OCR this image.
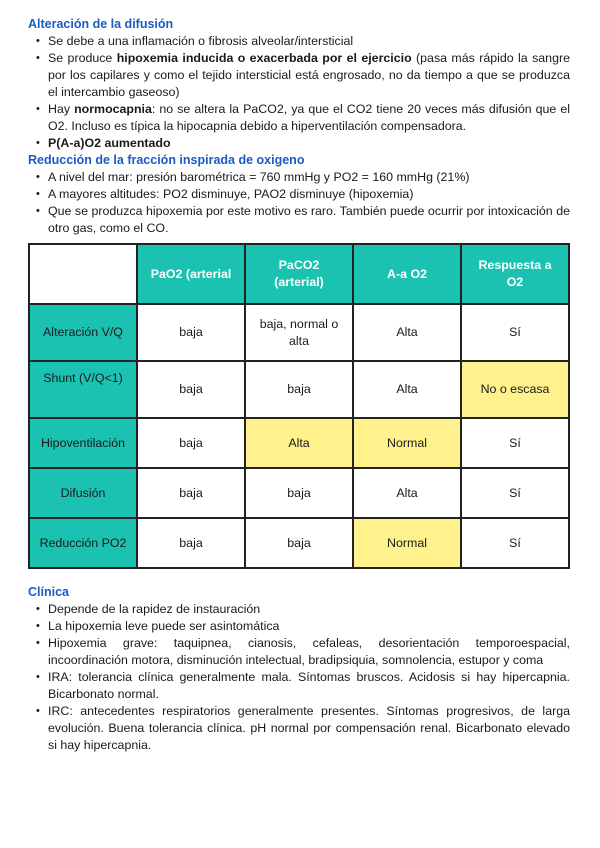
Alteración de la difusión
• Se debe a una inflamación o fibrosis alveolar/intersticial
• Se produce hipoxemia inducida o exacerbada por el ejercicio (pasa más rápido la sangre por los capilares y como el tejido intersticial está engrosado, no da tiempo a que se produzca el intercambio gaseoso)
• Hay normocapnia: no se altera la PaCO2, ya que el CO2 tiene 20 veces más difusión que el O2. Incluso es típica la hipocapnia debido a hiperventilación compensadora.
• P(A-a)O2 aumentado
Reducción de la fracción inspirada de oxigeno
• A nivel del mar: presión barométrica = 760 mmHg y PO2 = 160 mmHg (21%)
• A mayores altitudes: PO2 disminuye, PAO2 disminuye (hipoxemia)
• Que se produzca hipoxemia por este motivo es raro. También puede ocurrir por intoxicación de otro gas, como el CO.
	PaO2 (arterial	PaCO2 (arterial)	A-a O2	Respuesta a O2
Alteración V/Q	baja	baja, normal o alta	Alta	Sí
Shunt (V/Q<1)	baja	baja	Alta	No o escasa
Hipoventilación	baja	Alta	Normal	Sí
Difusión	baja	baja	Alta	Sí
Reducción PO2	baja	baja	Normal	Sí
Clínica
• Depende de la rapidez de instauración
• La hipoxemia leve puede ser asintomática
• Hipoxemia grave: taquipnea, cianosis, cefaleas, desorientación temporoespacial, incoordinación motora, disminución intelectual, bradipsiquia, somnolencia, estupor y coma
• IRA: tolerancia clínica generalmente mala. Síntomas bruscos. Acidosis si hay hipercapnia. Bicarbonato normal.
• IRC: antecedentes respiratorios generalmente presentes. Síntomas progresivos, de larga evolución. Buena tolerancia clínica. pH normal por compensación renal. Bicarbonato elevado si hay hipercapnia.
